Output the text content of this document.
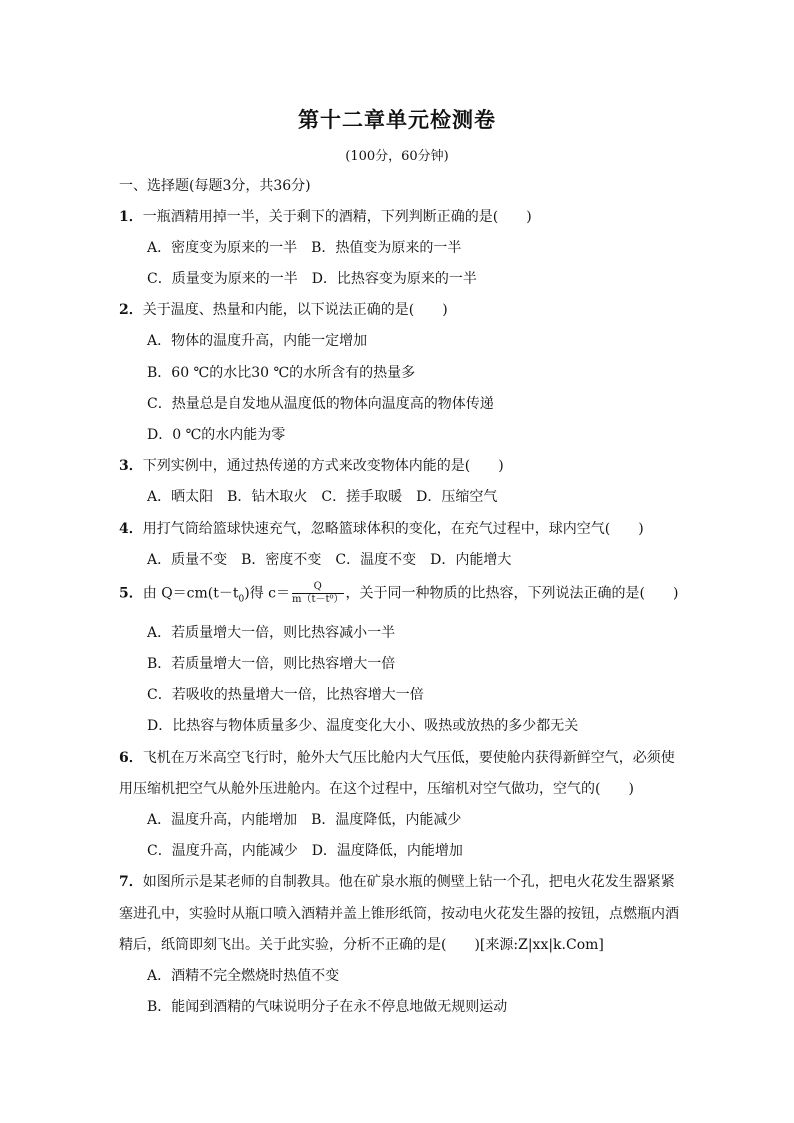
第十二章单元检测卷
(100分，60分钟)
一、选择题(每题3分，共36分)
1．一瓶酒精用掉一半，关于剩下的酒精，下列判断正确的是(　　)
A．密度变为原来的一半　B．热值变为原来的一半
C．质量变为原来的一半　D．比热容变为原来的一半
2．关于温度、热量和内能，以下说法正确的是(　　)
A．物体的温度升高，内能一定增加
B．60 ℃的水比30 ℃的水所含有的热量多
C．热量总是自发地从温度低的物体向温度高的物体传递
D．0 ℃的水内能为零
3．下列实例中，通过热传递的方式来改变物体内能的是(　　)
A．晒太阳　B．钻木取火　C．搓手取暖　D．压缩空气
4．用打气筒给篮球快速充气，忽略篮球体积的变化，在充气过程中，球内空气(　　)
A．质量不变　B．密度不变　C．温度不变　D．内能增大
5．由 $Q=cm(t-t_0)$得 $c= \frac{Q}{\text{m（t－t⁰）}}$ ，关于同一种物质的比热容，下列说法正确的是(　　)
A．若质量增大一倍，则比热容减小一半
B．若质量增大一倍，则比热容增大一倍
C．若吸收的热量增大一倍，比热容增大一倍
D．比热容与物体质量多少、温度变化大小、吸热或放热的多少都无关
6．飞机在万米高空飞行时，舱外大气压比舱内大气压低，要使舱内获得新鲜空气，必须使
用压缩机把空气从舱外压进舱内。在这个过程中，压缩机对空气做功，空气的(　　)
A．温度升高，内能增加　B．温度降低，内能减少
C．温度升高，内能减少　D．温度降低，内能增加
7．如图所示是某老师的自制教具。他在矿泉水瓶的侧壁上钻一个孔，把电火花发生器紧紧
塞进孔中，实验时从瓶口喷入酒精并盖上锥形纸筒，按动电火花发生器的按钮，点燃瓶内酒
精后，纸筒即刻飞出。关于此实验，分析不正确的是(　　)[来源:Z|xx|k.Com]
A．酒精不完全燃烧时热值不变
B．能闻到酒精的气味说明分子在永不停息地做无规则运动
